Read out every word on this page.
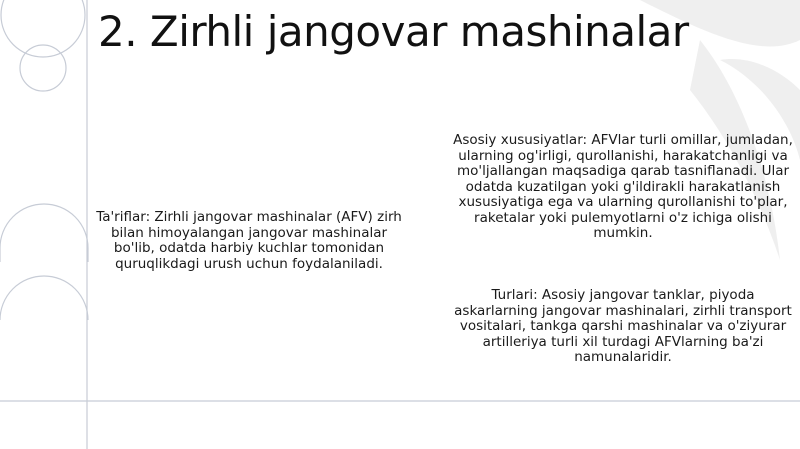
2. Zirhli jangovar mashinalar
Ta'riflar: Zirhli jangovar mashinalar (AFV) zirh bilan himoyalangan jangovar mashinalar bo'lib, odatda harbiy kuchlar tomonidan quruqlikdagi urush uchun foydalaniladi.
Asosiy xususiyatlar: AFVlar turli omillar, jumladan, ularning og'irligi, qurollanishi, harakatchanligi va mo'ljallangan maqsadiga qarab tasniflanadi. Ular odatda kuzatilgan yoki g'ildirakli harakatlanish xususiyatiga ega va ularning qurollanishi to'plar, raketalar yoki pulemyotlarni o'z ichiga olishi mumkin.
Turlari: Asosiy jangovar tanklar, piyoda askarlarning jangovar mashinalari, zirhli transport vositalari, tankga qarshi mashinalar va o'ziyurar artilleriya turli xil turdagi AFVlarning ba'zi namunalaridir.
